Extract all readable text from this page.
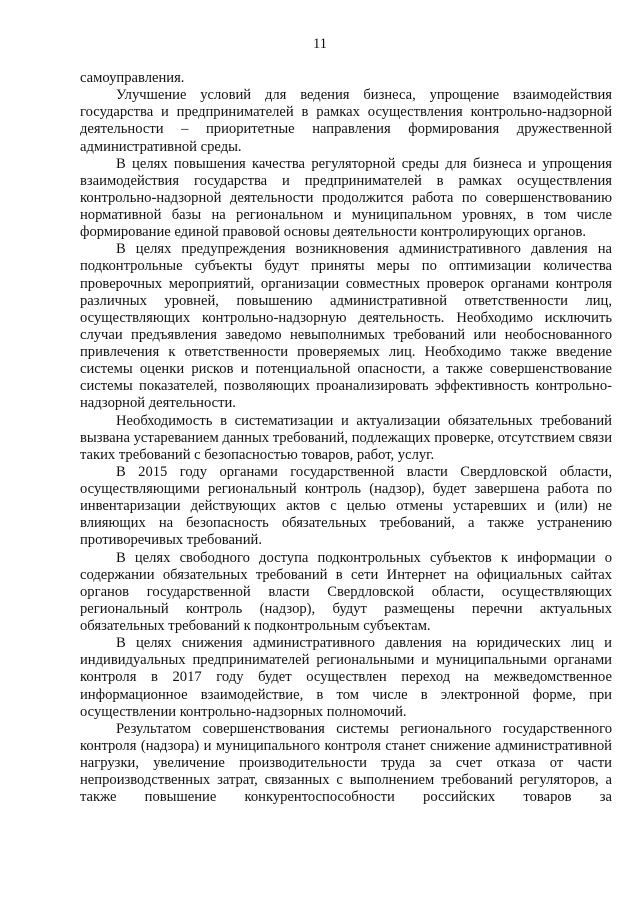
11

самоуправления.

Улучшение условий для ведения бизнеса, упрощение взаимодействия государства и предпринимателей в рамках осуществления контрольно-надзорной деятельности – приоритетные направления формирования дружественной административной среды.

В целях повышения качества регуляторной среды для бизнеса и упрощения взаимодействия государства и предпринимателей в рамках осуществления контрольно-надзорной деятельности продолжится работа по совершенствованию нормативной базы на региональном и муниципальном уровнях, в том числе формирование единой правовой основы деятельности контролирующих органов.

В целях предупреждения возникновения административного давления на подконтрольные субъекты будут приняты меры по оптимизации количества проверочных мероприятий, организации совместных проверок органами контроля различных уровней, повышению административной ответственности лиц, осуществляющих контрольно-надзорную деятельность. Необходимо исключить случаи предъявления заведомо невыполнимых требований или необоснованного привлечения к ответственности проверяемых лиц. Необходимо также введение системы оценки рисков и потенциальной опасности, а также совершенствование системы показателей, позволяющих проанализировать эффективность контрольно-надзорной деятельности.

Необходимость в систематизации и актуализации обязательных требований вызвана устареванием данных требований, подлежащих проверке, отсутствием связи таких требований с безопасностью товаров, работ, услуг.

В 2015 году органами государственной власти Свердловской области, осуществляющими региональный контроль (надзор), будет завершена работа по инвентаризации действующих актов с целью отмены устаревших и (или) не влияющих на безопасность обязательных требований, а также устранению противоречивых требований.

В целях свободного доступа подконтрольных субъектов к информации о содержании обязательных требований в сети Интернет на официальных сайтах органов государственной власти Свердловской области, осуществляющих региональный контроль (надзор), будут размещены перечни актуальных обязательных требований к подконтрольным субъектам.

В целях снижения административного давления на юридических лиц и индивидуальных предпринимателей региональными и муниципальными органами контроля в 2017 году будет осуществлен переход на межведомственное информационное взаимодействие, в том числе в электронной форме, при осуществлении контрольно-надзорных полномочий.

Результатом совершенствования системы регионального государственного контроля (надзора) и муниципального контроля станет снижение административной нагрузки, увеличение производительности труда за счет отказа от части непроизводственных затрат, связанных с выполнением требований регуляторов, а также повышение конкурентоспособности российских товаров за
